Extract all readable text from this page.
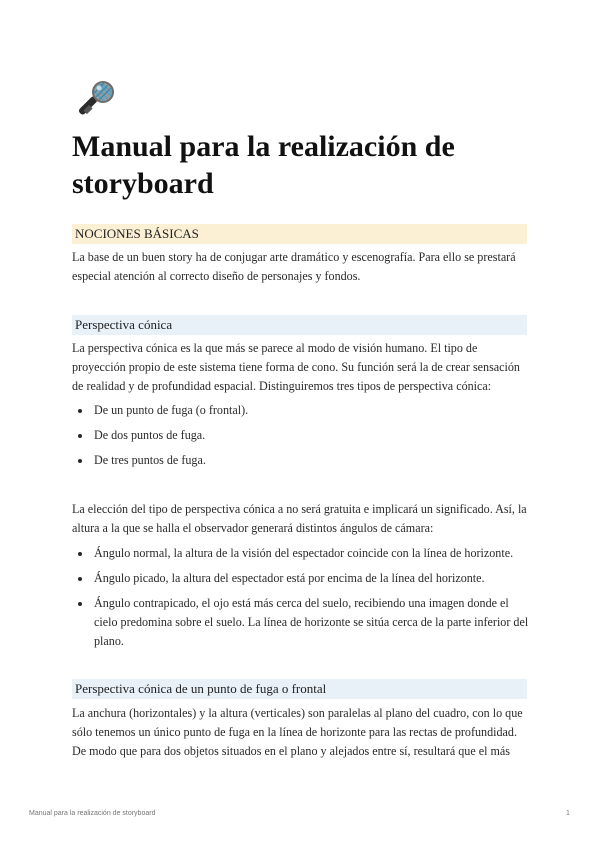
Manual para la realización de storyboard
NOCIONES BÁSICAS

La base de un buen story ha de conjugar arte dramático y escenografía. Para ello se prestará especial atención al correcto diseño de personajes y fondos.

Perspectiva cónica

La perspectiva cónica es la que más se parece al modo de visión humano. El tipo de proyección propio de este sistema tiene forma de cono. Su función será la de crear sensación de realidad y de profundidad espacial. Distinguiremos tres tipos de perspectiva cónica:

De un punto de fuga (o frontal).
De dos puntos de fuga.
De tres puntos de fuga.

La elección del tipo de perspectiva cónica a no será gratuita e implicará un significado. Así, la altura a la que se halla el observador generará distintos ángulos de cámara:

Ángulo normal, la altura de la visión del espectador coincide con la línea de horizonte.
Ángulo picado, la altura del espectador está por encima de la línea del horizonte.
Ángulo contrapicado, el ojo está más cerca del suelo, recibiendo una imagen donde el cielo predomina sobre el suelo. La línea de horizonte se sitúa cerca de la parte inferior del plano.
Perspectiva cónica de un punto de fuga o frontal

La anchura (horizontales) y la altura (verticales) son paralelas al plano del cuadro, con lo que sólo tenemos un único punto de fuga en la línea de horizonte para las rectas de profundidad. De modo que para dos objetos situados en el plano y alejados entre sí, resultará que el más

Manual para la realización de storyboard	1
